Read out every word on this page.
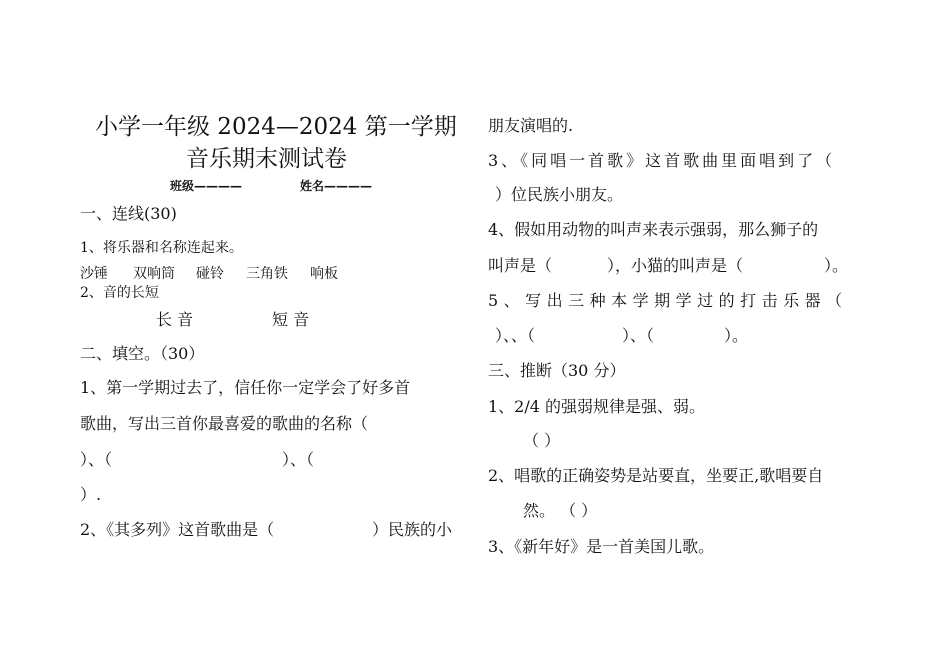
小学一年级 2024—2024 第一学期
音乐期末测试卷
班级————	姓名————
一、连线(30)
1、将乐器和名称连起来。
沙锤 双响筒 碰铃 三角铁 响板
2、音的长短
长 音	短 音
二、填空。（30）
1、第一学期过去了，信任你一定学会了好多首
歌曲，写出三首你最喜爱的歌曲的名称（
）、（	）、（
）.
2、《其多列》这首歌曲是（	）民族的小
朋友演唱的.
3、《同唱一首歌》这首歌曲里面唱到了（
）位民族小朋友。
4、假如用动物的叫声来表示强弱，那么狮子的
叫声是（	），小猫的叫声是（	）。
5、写出三种本学期学过的打击乐器（
）、、（	）、（	）。
三、推断（30 分）
1、2/4 的强弱规律是强、弱。
（ ）
2、唱歌的正确姿势是站要直，坐要正,歌唱要自
然。 （ ）
3、《新年好》是一首美国儿歌。
